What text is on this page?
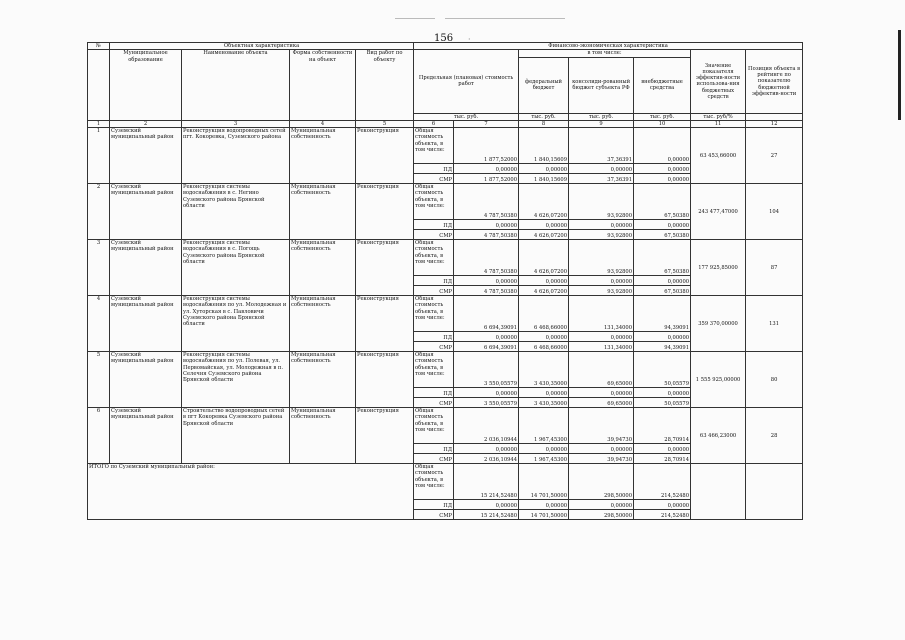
156 ·
№	Объектная характеристика				Финансово-экономическая характеристика						
	Муниципальное образование	Наименование объекта	Форма собственности на объект	Вид работ по объекту	Предельная (плановая) стоимость работ		в том числе:			Значение показателя эффектив-ности использова-ния бюджетных средств	Позиция объекта в рейтинге по показателю бюджетной эффектив-ности
							федеральный бюджет	консолиди-рованный бюджет субъекта РФ	внебюджетные средства		
					тыс. руб.		тыс. руб.	тыс. руб.	тыс. руб.	тыс. руб/%	
1	2	3	4	5	6	7	8	9	10	11	12
1	Суземский муниципальный район	Реконструкция водопроводных сетей пгт. Кокоревка, Суземского района	Муниципальная собственность	Реконструкция	Общая стоимость объекта, в том числе:	1 877,52000	1 840,15609	37,36391	0,00000	63 453,66000	27
					ПД	0,00000	0,00000	0,00000	0,00000		
					СМР	1 877,52000	1 840,15609	37,36391	0,00000		
2	Суземский муниципальный район	Реконструкция системы водоснабжения в с. Негино Суземского района Брянской области	Муниципальная собственность	Реконструкция	Общая стоимость объекта, в том числе:	4 787,50380	4 626,07200	93,92800	67,50380	243 477,47000	104
					ПД	0,00000	0,00000	0,00000	0,00000		
					СМР	4 787,50380	4 626,07200	93,92800	67,50380		
3	Суземский муниципальный район	Реконструкция системы водоснабжения в с. Погощь Суземского района Брянской области	Муниципальная собственность	Реконструкция	Общая стоимость объекта, в том числе:	4 787,50380	4 626,07200	93,92800	67,50380	177 925,85000	87
					ПД	0,00000	0,00000	0,00000	0,00000		
					СМР	4 787,50380	4 626,07200	93,92800	67,50380		
4	Суземский муниципальный район	Реконструкция системы водоснабжения по ул. Молодежная и ул. Хуторская в с. Павловичи Суземского района Брянской области	Муниципальная собственность	Реконструкция	Общая стоимость объекта, в том числе:	6 694,39091	6 468,66000	131,34000	94,39091	359 370,00000	131
					ПД	0,00000	0,00000	0,00000	0,00000		
					СМР	6 694,39091	6 468,66000	131,34000	94,39091		
5	Суземский муниципальный район	Реконструкция системы водоснабжения по ул. Полевая, ул. Первомайская, ул. Молодежная в п. Селечня Суземского района Брянской области	Муниципальная собственность	Реконструкция	Общая стоимость объекта, в том числе:	3 550,05579	3 430,35000	69,65000	50,05579	1 555 925,00000	80
					ПД	0,00000	0,00000	0,00000	0,00000		
					СМР	3 550,05579	3 430,35000	69,65000	50,05579		
6	Суземский муниципальный район	Строительство водопроводных сетей в пгт Кокоревка Суземского района Брянской области	Муниципальная собственность	Реконструкция	Общая стоимость объекта, в том числе:	2 036,10944	1 967,45300	39,94730	28,70914	63 466,23000	28
					ПД	0,00000	0,00000	0,00000	0,00000		
					СМР	2 036,10944	1 967,45300	39,94730	28,70914		
ИТОГО по Суземский муниципальный район:					Общая стоимость объекта, в том числе:	15 214,52480	14 701,50000	298,50000	214,52480		
					ПД	0,00000	0,00000	0,00000	0,00000		
					СМР	15 214,52480	14 701,50000	298,50000	214,52480		
